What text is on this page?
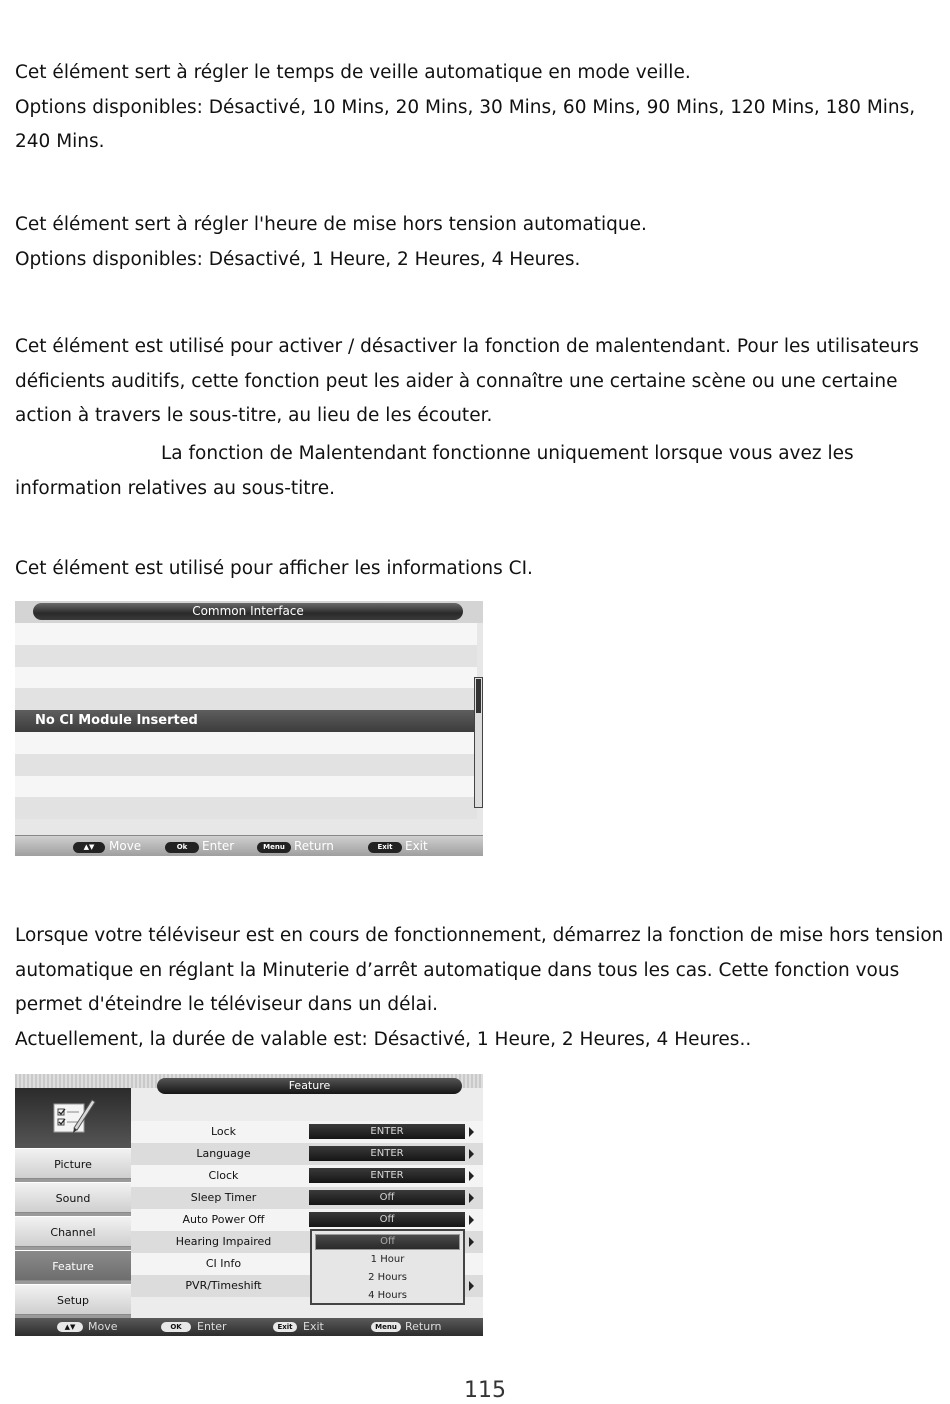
Cet élément sert à régler le temps de veille automatique en mode veille.
Options disponibles: Désactivé, 10 Mins, 20 Mins, 30 Mins, 60 Mins, 90 Mins, 120 Mins, 180 Mins, 240 Mins.

Cet élément sert à régler l'heure de mise hors tension automatique.
Options disponibles: Désactivé, 1 Heure, 2 Heures, 4 Heures.

Cet élément est utilisé pour activer / désactiver la fonction de malentendant. Pour les utilisateurs déficients auditifs, cette fonction peut les aider à connaître une certaine scène ou une certaine action à travers le sous-titre, au lieu de les écouter.

La fonction de Malentendant fonctionne uniquement lorsque vous avez les information relatives au sous-titre.

Cet élément est utilisé pour afficher les informations CI.

Common Interface
No CI Module Inserted
▲▼	Move	Ok	Enter	Menu Return	Exit	Exit

Lorsque votre téléviseur est en cours de fonctionnement, démarrez la fonction de mise hors tension automatique en réglant la Minuterie d’arrêt automatique dans tous les cas. Cette fonction vous permet d'éteindre le téléviseur dans un délai.
Actuellement, la durée de valable est: Désactivé, 1 Heure, 2 Heures, 4 Heures..

Feature
Picture
Sound
Channel
Feature
Setup
Lock	ENTER
Language	ENTER
Clock	ENTER
Sleep Timer	Off
Auto Power Off	Off
Hearing Impaired
CI Info
PVR/Timeshift
Off
1 Hour
2 Hours
4 Hours
▲▼	Move	OK	Enter	Exit Exit	Menu Return
115
